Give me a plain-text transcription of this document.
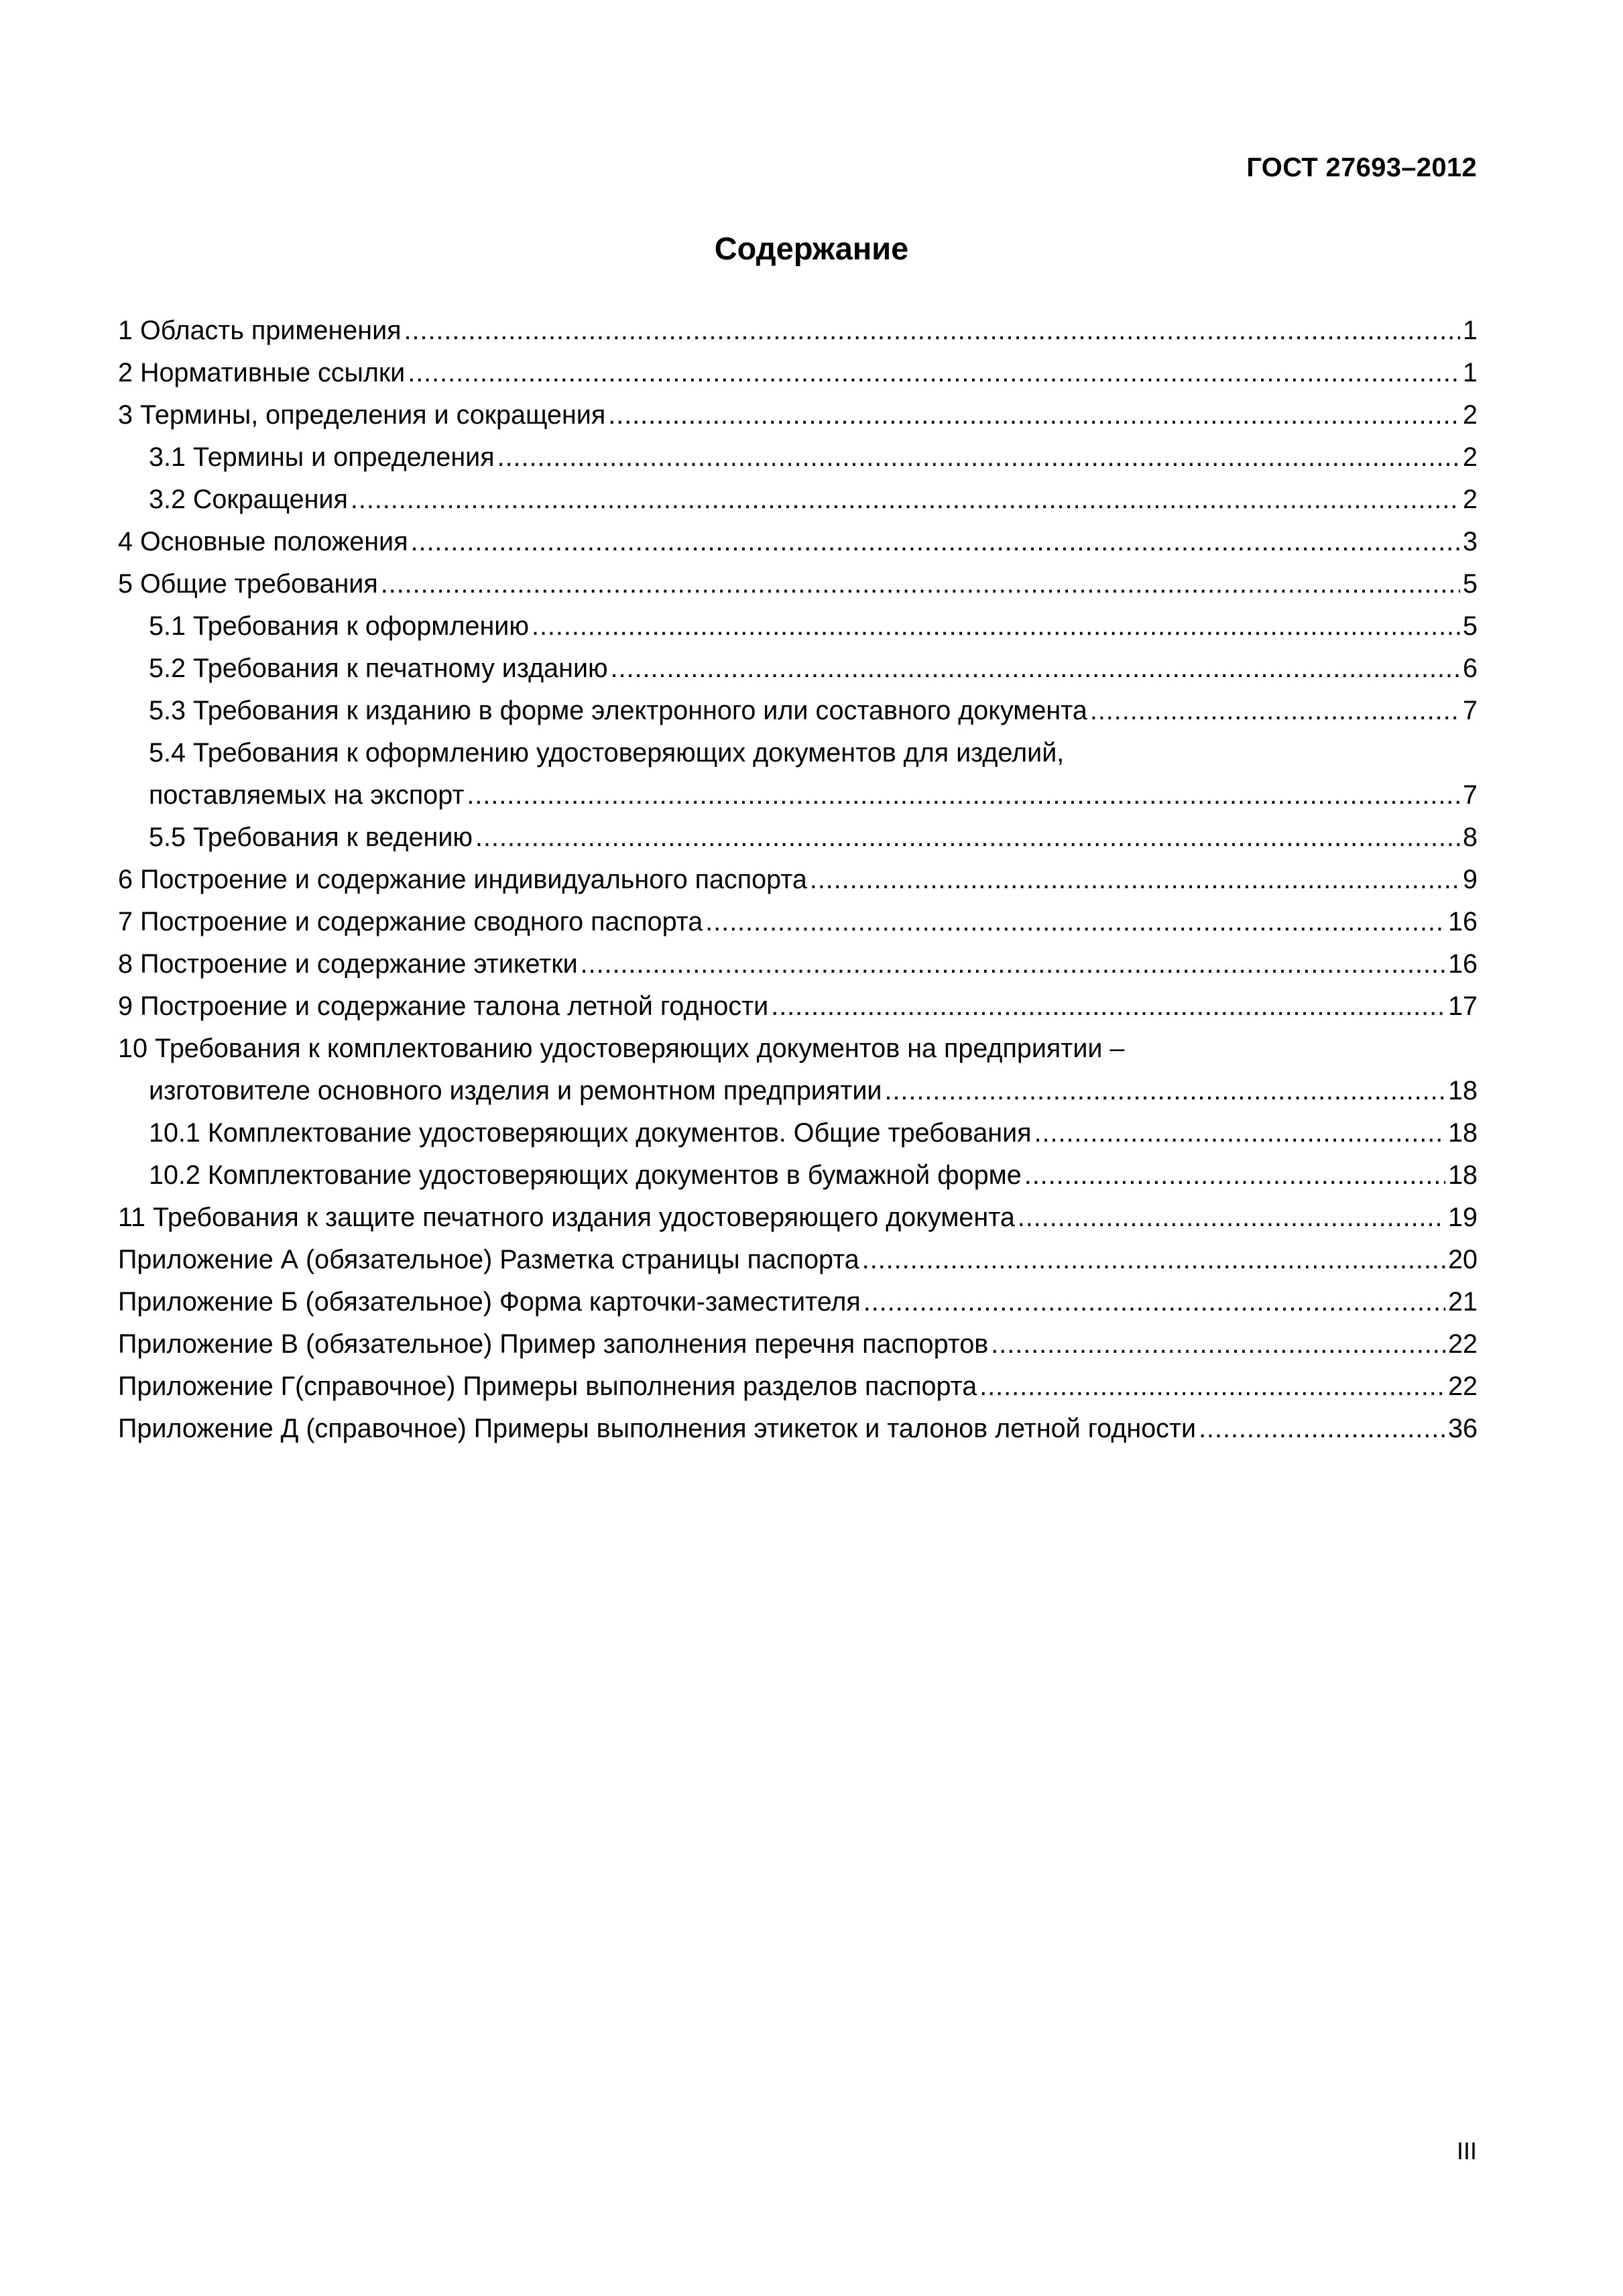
ГОСТ 27693–2012
Содержание
1 Область применения .....	1
2 Нормативные ссылки .....	1
3 Термины, определения и сокращения .....	2
3.1 Термины и определения .....	2
3.2 Сокращения .....	2
4 Основные положения .....	3
5 Общие требования .....	5
5.1 Требования к оформлению .....	5
5.2 Требования к печатному изданию .....	6
5.3 Требования к изданию в форме электронного или составного документа .....	7
5.4 Требования к оформлению удостоверяющих документов для изделий,
поставляемых на экспорт .....	7
5.5 Требования к ведению .....	8
6 Построение и содержание индивидуального паспорта .....	9
7 Построение и содержание сводного паспорта .....	16
8 Построение и содержание этикетки .....	16
9 Построение и содержание талона летной годности .....	17
10 Требования к комплектованию удостоверяющих документов на предприятии –
изготовителе основного изделия и ремонтном предприятии .....	18
10.1 Комплектование удостоверяющих документов. Общие требования .....	18
10.2 Комплектование удостоверяющих документов в бумажной форме .....	18
11 Требования к защите печатного издания удостоверяющего документа .....	19
Приложение А (обязательное) Разметка страницы паспорта .....	20
Приложение Б (обязательное) Форма карточки-заместителя .....	21
Приложение В (обязательное) Пример заполнения перечня паспортов .....	22
Приложение Г(справочное) Примеры выполнения разделов паспорта .....	22
Приложение Д (справочное) Примеры выполнения этикеток и талонов летной годности .....	36
III
